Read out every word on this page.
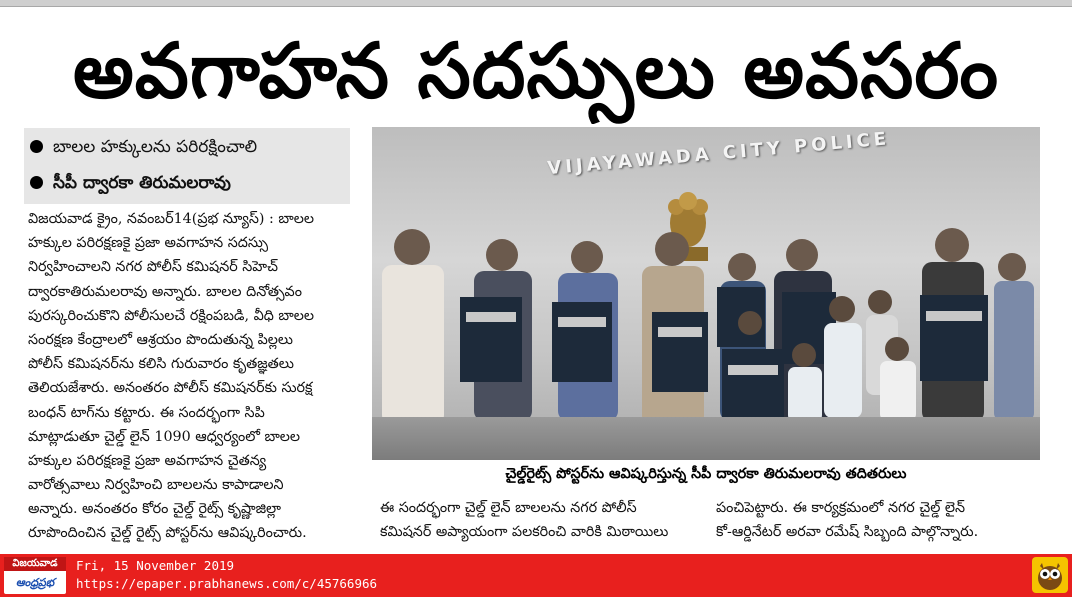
అవగాహన సదస్సులు అవసరం
బాలల హక్కులను పరిరక్షించాలి
సీపీ ద్వారకా తిరుమలరావు
విజయవాడ క్రైం, నవంబర్14(ప్రభ న్యూస్) : బాలల
హక్కుల పరిరక్షణకై ప్రజా అవగాహన సదస్సు
నిర్వహించాలని నగర పోలీస్ కమిషనర్ సిహెచ్
ద్వారకాతిరుమలరావు అన్నారు. బాలల దినోత్సవం
పురస్కరించుకొని పోలీసులచే రక్షింపబడి, వీధి బాలల
సంరక్షణ కేంద్రాలలో ఆశ్రయం పొందుతున్న పిల్లలు
పోలీస్ కమిషనర్‌ను కలిసి గురువారం కృతజ్ఞతలు
తెలియజేశారు. అనంతరం పోలీస్ కమిషనర్‌కు సురక్ష
బంధన్ టాగ్‌ను కట్టారు. ఈ సందర్భంగా సిపి
మాట్లాడుతూ చైల్డ్ లైన్ 1090 ఆధ్వర్యంలో బాలల
హక్కుల పరిరక్షణకై ప్రజా అవగాహన చైతన్య
వారోత్సవాలు నిర్వహించి బాలలను కాపాడాలని
అన్నారు. అనంతరం కోరం చైల్డ్ రైట్స్ కృష్ణాజిల్లా
రూపొందించిన చైల్డ్ రైట్స్ పోస్టర్‌ను ఆవిష్కరించారు.
VIJAYAWADA CITY POLICE
చైల్డ్‌రైట్స్ పోస్టర్‌ను ఆవిష్కరిస్తున్న సీపీ ద్వారకా తిరుమలరావు తదితరులు
ఈ సందర్భంగా చైల్డ్ లైన్ బాలలను నగర పోలీస్
కమిషనర్ అప్యాయంగా పలకరించి వారికి మిఠాయిలు
పంచిపెట్టారు. ఈ కార్యక్రమంలో నగర చైల్డ్ లైన్
కో-ఆర్డినేటర్ అరవా రమేష్ సిబ్బంది పాల్గొన్నారు.
విజయవాడ
ఆంధ్రప్రభ
Fri, 15 November 2019
https://epaper.prabhanews.com/c/45766966
